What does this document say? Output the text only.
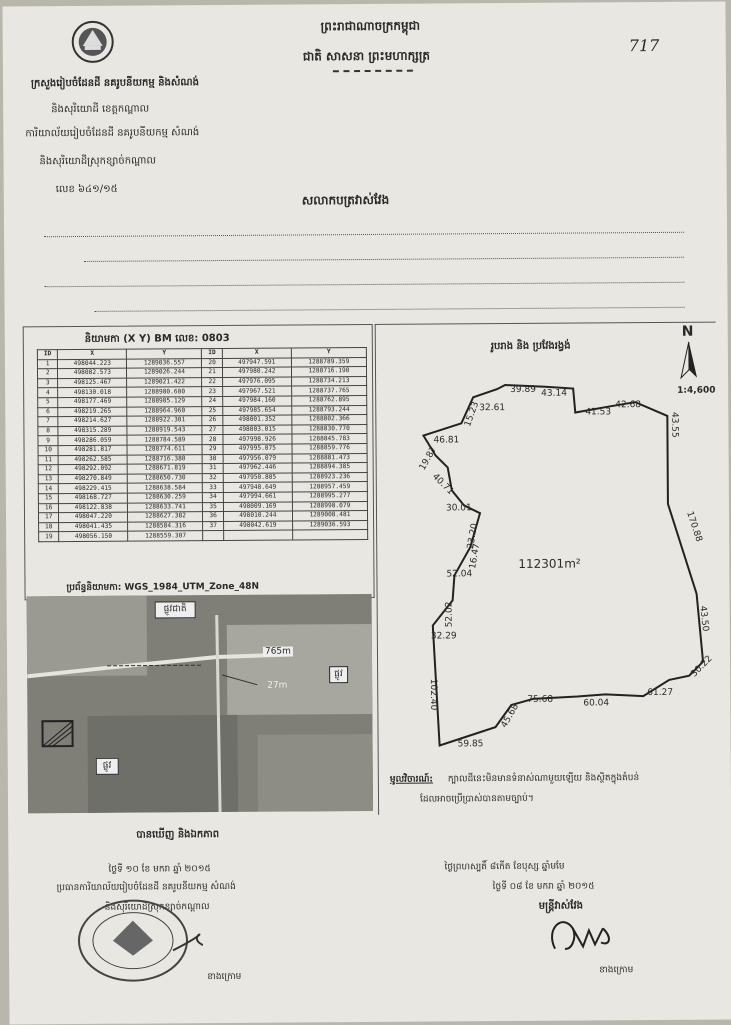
ក្រសួងរៀបចំដែនដី នគរូបនីយកម្ម និងសំណង់
និងសុរិយោដី ខេត្តកណ្តាល
ការិយាល័យរៀបចំដែនដី នគរូបនីយកម្ម សំណង់
និងសុរិយោដីស្រុកខ្សាច់កណ្ដាល
លេខ ៦៤១/១៥
ព្រះរាជាណាចក្រកម្ពុជា
ជាតិ សាសនា ព្រះមហាក្សត្រ
717
សលាកបត្រវាស់វែង
និយាមកា (X Y) BM លេខ: 0803
ID	X	Y	ID	X	Y
1	498044.223	1289036.557	20	497947.591	1288789.359
2	498082.573	1289026.244	21	497980.242	1288716.190
3	498125.467	1289021.422	22	497976.095	1288734.213
4	498130.018	1288980.600	23	497967.521	1288737.765
5	498177.469	1288985.129	24	497984.160	1288762.895
6	498219.265	1288964.960	25	497985.654	1288793.244
7	498214.627	1288922.301	26	498001.352	1288802.366
8	498315.289	1288919.543	27	498003.015	1288830.770
9	498286.059	1288784.589	28	497998.926	1288845.783
10	498281.817	1288774.611	29	497995.075	1288859.776
11	498262.585	1288716.380	30	497956.079	1288881.473
12	498292.092	1288671.819	31	497962.446	1288894.385
13	498270.849	1288650.730	32	497950.805	1288923.236
14	498229.415	1288638.584	33	497948.649	1288957.459
15	498168.727	1288630.259	34	497994.661	1288995.277
16	498122.838	1288633.741	35	498009.169	1288998.079
17	498047.220	1288627.382	36	498010.244	1289008.481
18	498041.435	1288584.316	37	498042.619	1289036.593
19	498056.150	1288559.307			
ប្រព័ន្ធនិយាមកា: WGS_1984_UTM_Zone_48N
ផ្លូវជាតិ
765m
27m
ផ្លូវ
ផ្លូវ
រូបរាង និង ប្រវែងរង្វង់
N
1:4,600
112301m²
39.89 43.14
41.53
42.68
43.55
170.88
43.50
30.22
61.27
60.04
75.68
45.68
59.85
102.40
32.29
52.02
52.04
16.47
23.20
30.01
40.71
19.87
46.81
32.61
15.23
មូលវិចារណ៍: ក្បាលដីនេះមិនមានទំនាស់ណាមួយឡើយ និងស្ថិតក្នុងតំបន់
ដែលអាចប្រើប្រាស់បានតាមច្បាប់។
បានឃើញ និងឯកភាព
ថ្ងៃទី ១០ ខែ មករា ឆ្នាំ ២០១៥
ប្រធានការិយាល័យរៀបចំដែនដី នគរូបនីយកម្ម សំណង់
និងសុរិយោដីស្រុកខ្សាច់កណ្ដាល
ថ្ងៃព្រហស្បតិ៍ ៨កើត ខែបុស្ស ឆ្នាំមមែ
ថ្ងៃទី ០៨ ខែ មករា ឆ្នាំ ២០១៥
មន្ត្រីវាស់វែង
ខាងក្រោម
ខាងក្រោម
